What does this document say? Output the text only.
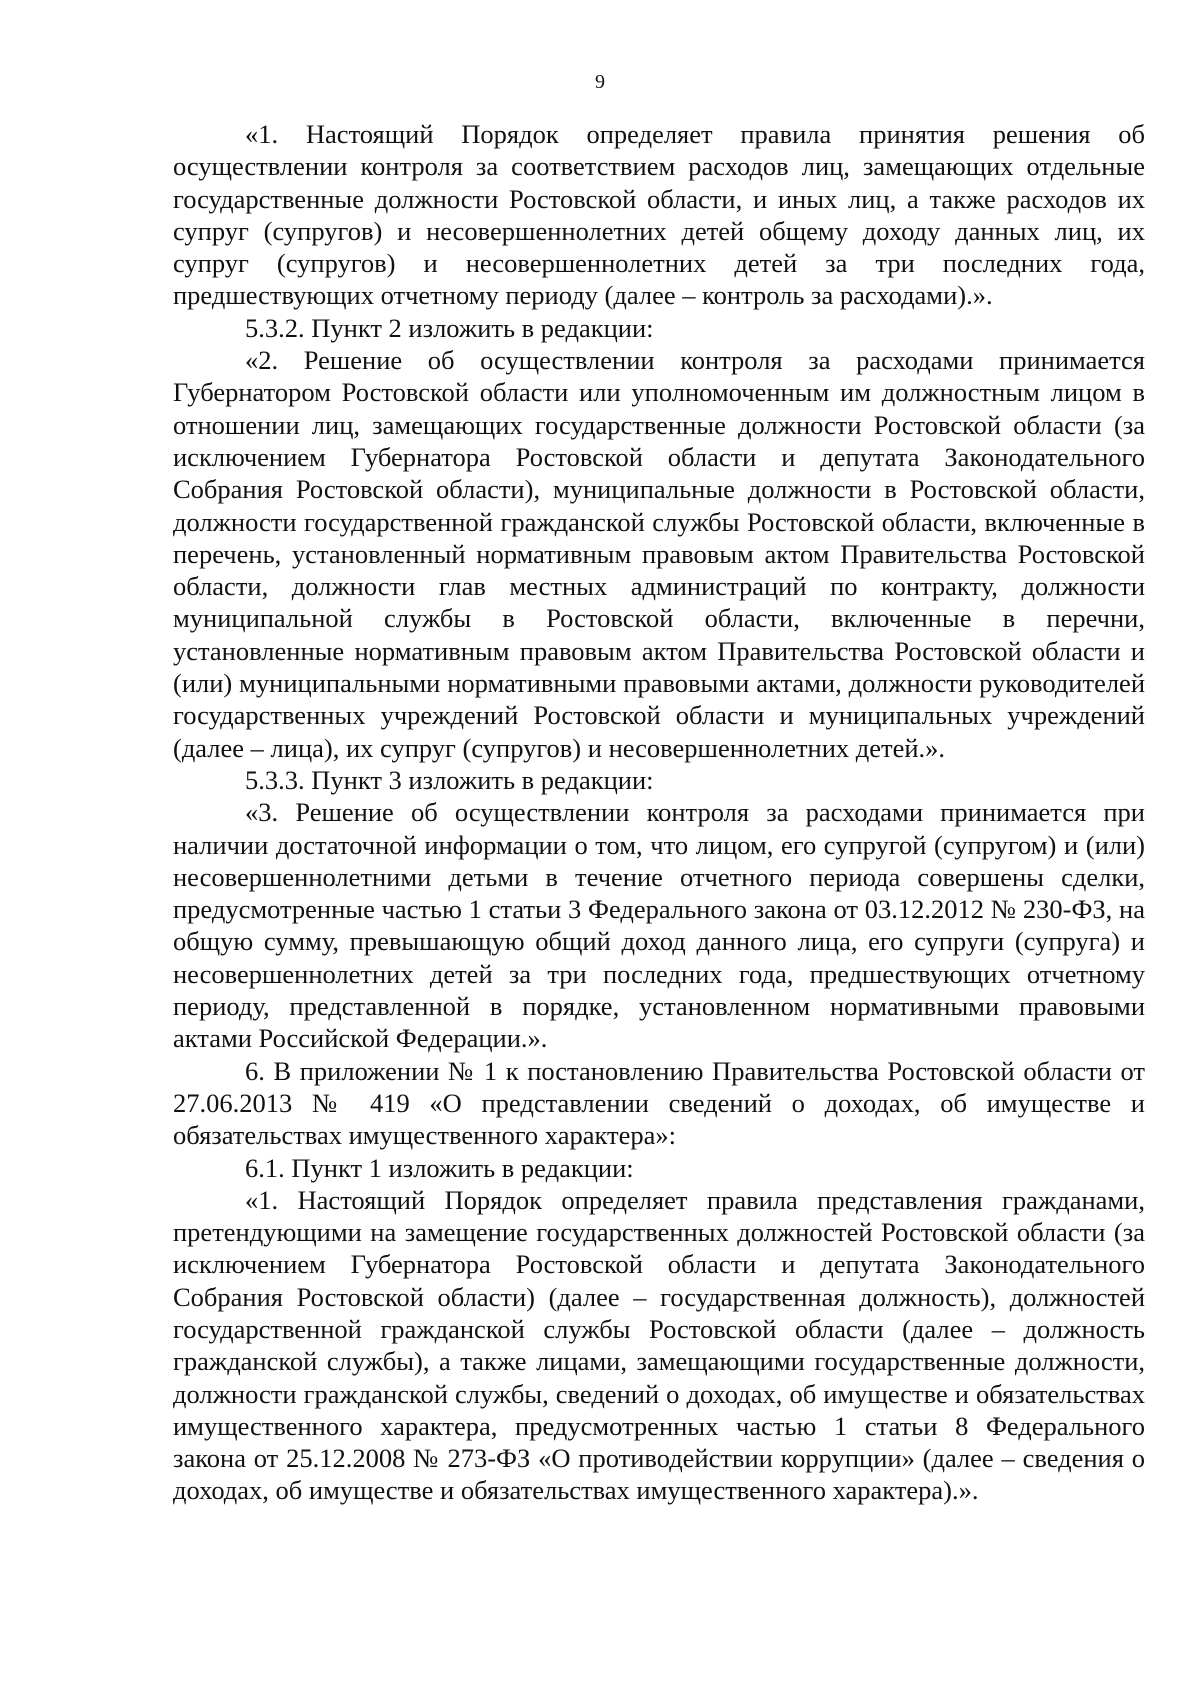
9

«1. Настоящий Порядок определяет правила принятия решения об осуществлении контроля за соответствием расходов лиц, замещающих отдельные государственные должности Ростовской области, и иных лиц, а также расходов их супруг (супругов) и несовершеннолетних детей общему доходу данных лиц, их супруг (супругов) и несовершеннолетних детей за три последних года, предшествующих отчетному периоду (далее – контроль за расходами).».

5.3.2. Пункт 2 изложить в редакции:

«2. Решение об осуществлении контроля за расходами принимается Губернатором Ростовской области или уполномоченным им должностным лицом в отношении лиц, замещающих государственные должности Ростовской области (за исключением Губернатора Ростовской области и депутата Законодательного Собрания Ростовской области), муниципальные должности в Ростовской области, должности государственной гражданской службы Ростовской области, включенные в перечень, установленный нормативным правовым актом Правительства Ростовской области, должности глав местных администраций по контракту, должности муниципальной службы в Ростовской области, включенные в перечни, установленные нормативным правовым актом Правительства Ростовской области и (или) муниципальными нормативными правовыми актами, должности руководителей государственных учреждений Ростовской области и муниципальных учреждений (далее – лица), их супруг (супругов) и несовершеннолетних детей.».

5.3.3. Пункт 3 изложить в редакции:

«3. Решение об осуществлении контроля за расходами принимается при наличии достаточной информации о том, что лицом, его супругой (супругом) и (или) несовершеннолетними детьми в течение отчетного периода совершены сделки, предусмотренные частью 1 статьи 3 Федерального закона от 03.12.2012 № 230-ФЗ, на общую сумму, превышающую общий доход данного лица, его супруги (супруга) и несовершеннолетних детей за три последних года, предшествующих отчетному периоду, представленной в порядке, установленном нормативными правовыми актами Российской Федерации.».

6. В приложении № 1 к постановлению Правительства Ростовской области от 27.06.2013 № 419 «О представлении сведений о доходах, об имуществе и обязательствах имущественного характера»:

6.1. Пункт 1 изложить в редакции:

«1. Настоящий Порядок определяет правила представления гражданами, претендующими на замещение государственных должностей Ростовской области (за исключением Губернатора Ростовской области и депутата Законодательного Собрания Ростовской области) (далее – государственная должность), должностей государственной гражданской службы Ростовской области (далее – должность гражданской службы), а также лицами, замещающими государственные должности, должности гражданской службы, сведений о доходах, об имуществе и обязательствах имущественного характера, предусмотренных частью 1 статьи 8 Федерального закона от 25.12.2008 № 273-ФЗ «О противодействии коррупции» (далее – сведения о доходах, об имуществе и обязательствах имущественного характера).».
